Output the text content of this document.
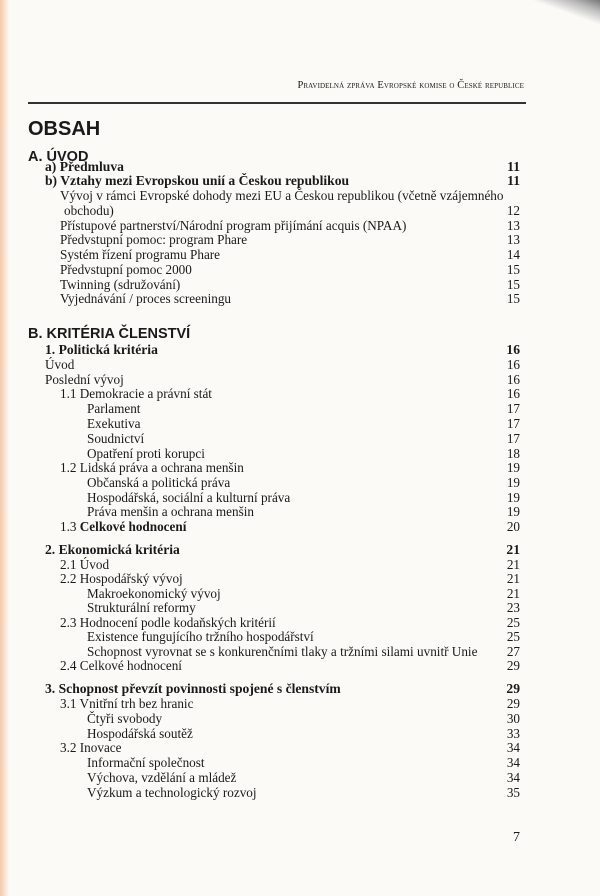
Pravidelná zpráva Evropské komise o České republice
OBSAH
A. ÚVOD
a) Předmluva	11
b) Vztahy mezi Evropskou unií a Českou republikou	11
Vývoj v rámci Evropské dohody mezi EU a Českou republikou (včetně vzájemného
obchodu)	12
Přístupové partnerství/Národní program přijímání acquis (NPAA)	13
Předvstupní pomoc: program Phare	13
Systém řízení programu Phare	14
Předvstupní pomoc 2000	15
Twinning (sdružování)	15
Vyjednávání / proces screeningu	15
B. KRITÉRIA ČLENSTVÍ
1. Politická kritéria	16
Úvod	16
Poslední vývoj	16
1.1 Demokracie a právní stát	16
Parlament	17
Exekutiva	17
Soudnictví	17
Opatření proti korupci	18
1.2 Lidská práva a ochrana menšin	19
Občanská a politická práva	19
Hospodářská, sociální a kulturní práva	19
Práva menšin a ochrana menšin	19
1.3 Celkové hodnocení	20
2. Ekonomická kritéria	21
2.1 Úvod	21
2.2 Hospodářský vývoj	21
Makroekonomický vývoj	21
Strukturální reformy	23
2.3 Hodnocení podle kodaňských kritérií	25
Existence fungujícího tržního hospodářství	25
Schopnost vyrovnat se s konkurenčními tlaky a tržními silami uvnitř Unie 27
2.4 Celkové hodnocení	29
3. Schopnost převzít povinnosti spojené s členstvím	29
3.1 Vnitřní trh bez hranic	29
Čtyři svobody	30
Hospodářská soutěž	33
3.2 Inovace	34
Informační společnost	34
Výchova, vzdělání a mládež	34
Výzkum a technologický rozvoj	35
7
